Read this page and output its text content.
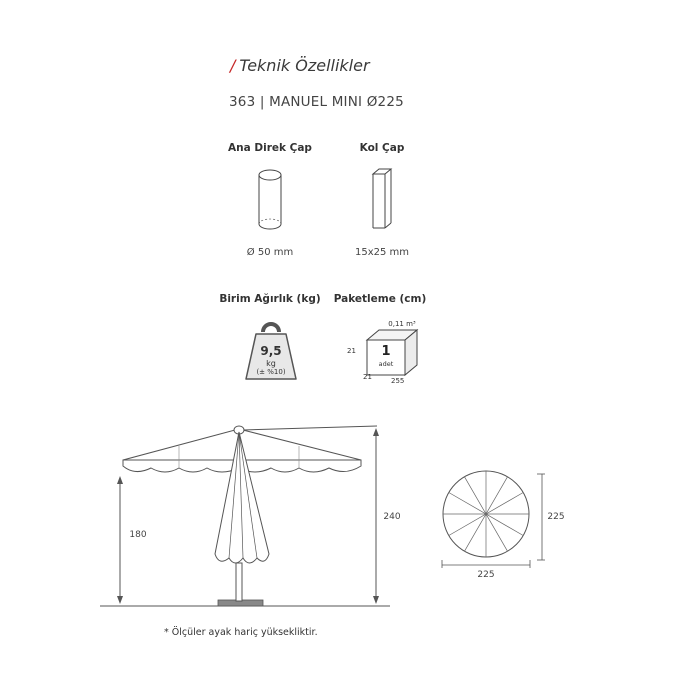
/ Teknik Özellikler
363 | MANUEL MINI Ø225
Ana Direk Çap
Ø 50 mm
Kol Çap
15x25 mm
Birim Ağırlık (kg)
9,5
kg
(± %10)
Paketleme (cm)
0,11 m³
21
21	255
1
adet
180
240	225
225
* Ölçüler ayak hariç yüksekliktir.
